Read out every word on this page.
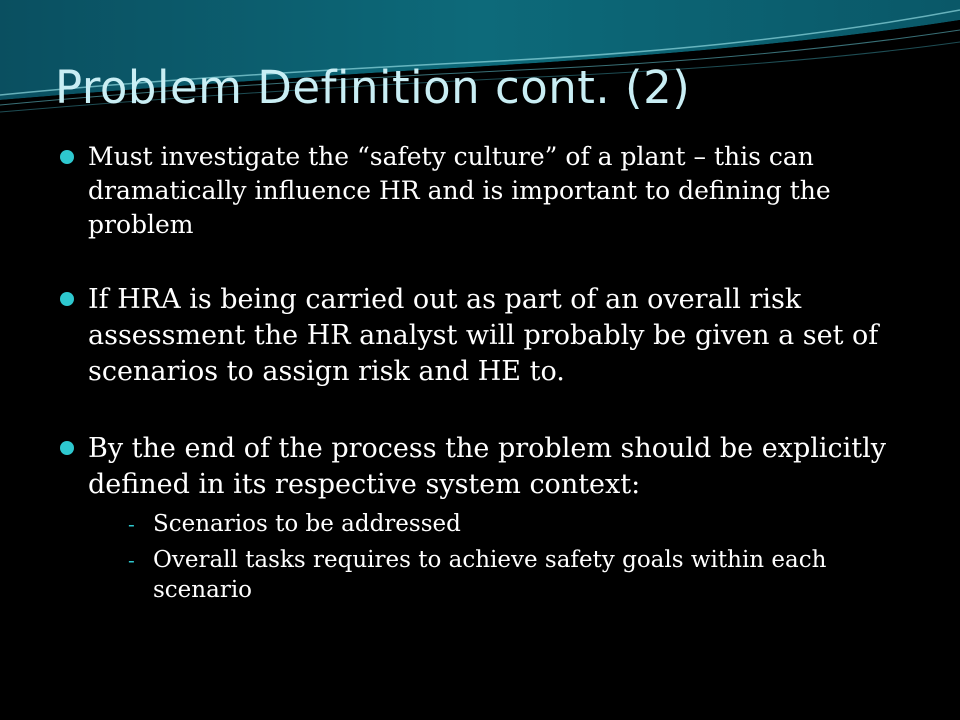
Problem Definition cont. (2)
Must investigate the “safety culture” of a plant – this can dramatically influence HR and is important to defining the problem
If HRA is being carried out as part of an overall risk assessment the HR analyst will probably be given a set of scenarios to assign risk and HE to.
By the end of the process the problem should be explicitly defined in its respective system context:
- Scenarios to be addressed
- Overall tasks requires to achieve safety goals within each scenario
